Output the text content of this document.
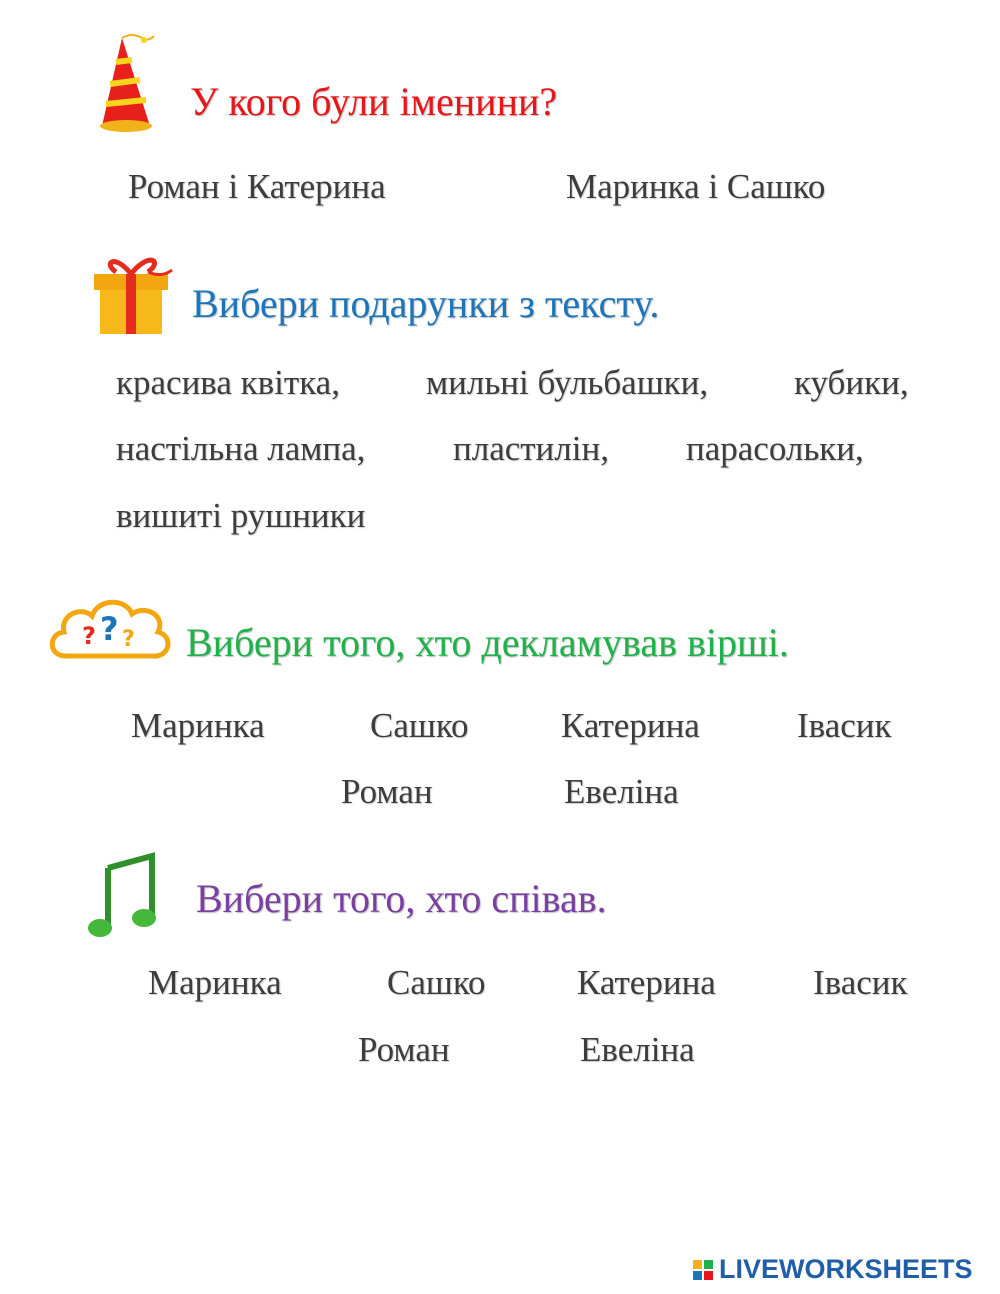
У кого були іменини?
Роман і Катерина	Маринка і Сашко
Вибери подарунки з тексту.
красива квітка, мильні бульбашки, кубики,
настільна лампа,	пластилін, парасольки,
вишиті рушники
? ? ? Вибери того, хто декламував вірші.
Маринка	Сашко	Катерина	Івасик
Роман	Евеліна
Вибери того, хто співав.
Маринка	Сашко	Катерина	Івасик
Роман	Евеліна
LIVEWORKSHEETS
